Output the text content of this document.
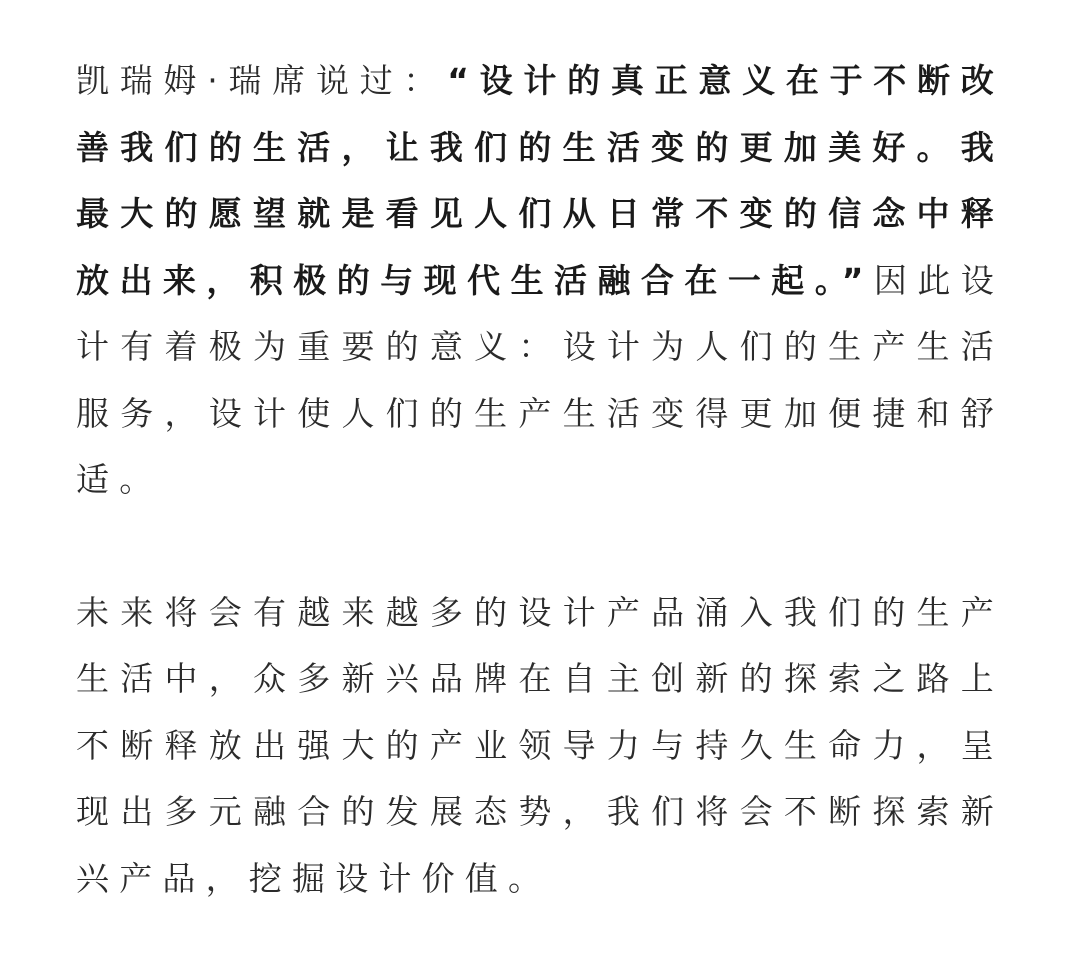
凯瑞姆·瑞席说过：“设计的真正意义在于不断改善我们的生活，让我们的生活变的更加美好。我最大的愿望就是看见人们从日常不变的信念中释放出来，积极的与现代生活融合在一起。”因此设计有着极为重要的意义：设计为人们的生产生活服务，设计使人们的生产生活变得更加便捷和舒适。

未来将会有越来越多的设计产品涌入我们的生产生活中，众多新兴品牌在自主创新的探索之路上不断释放出强大的产业领导力与持久生命力，呈现出多元融合的发展态势，我们将会不断探索新兴产品，挖掘设计价值。
